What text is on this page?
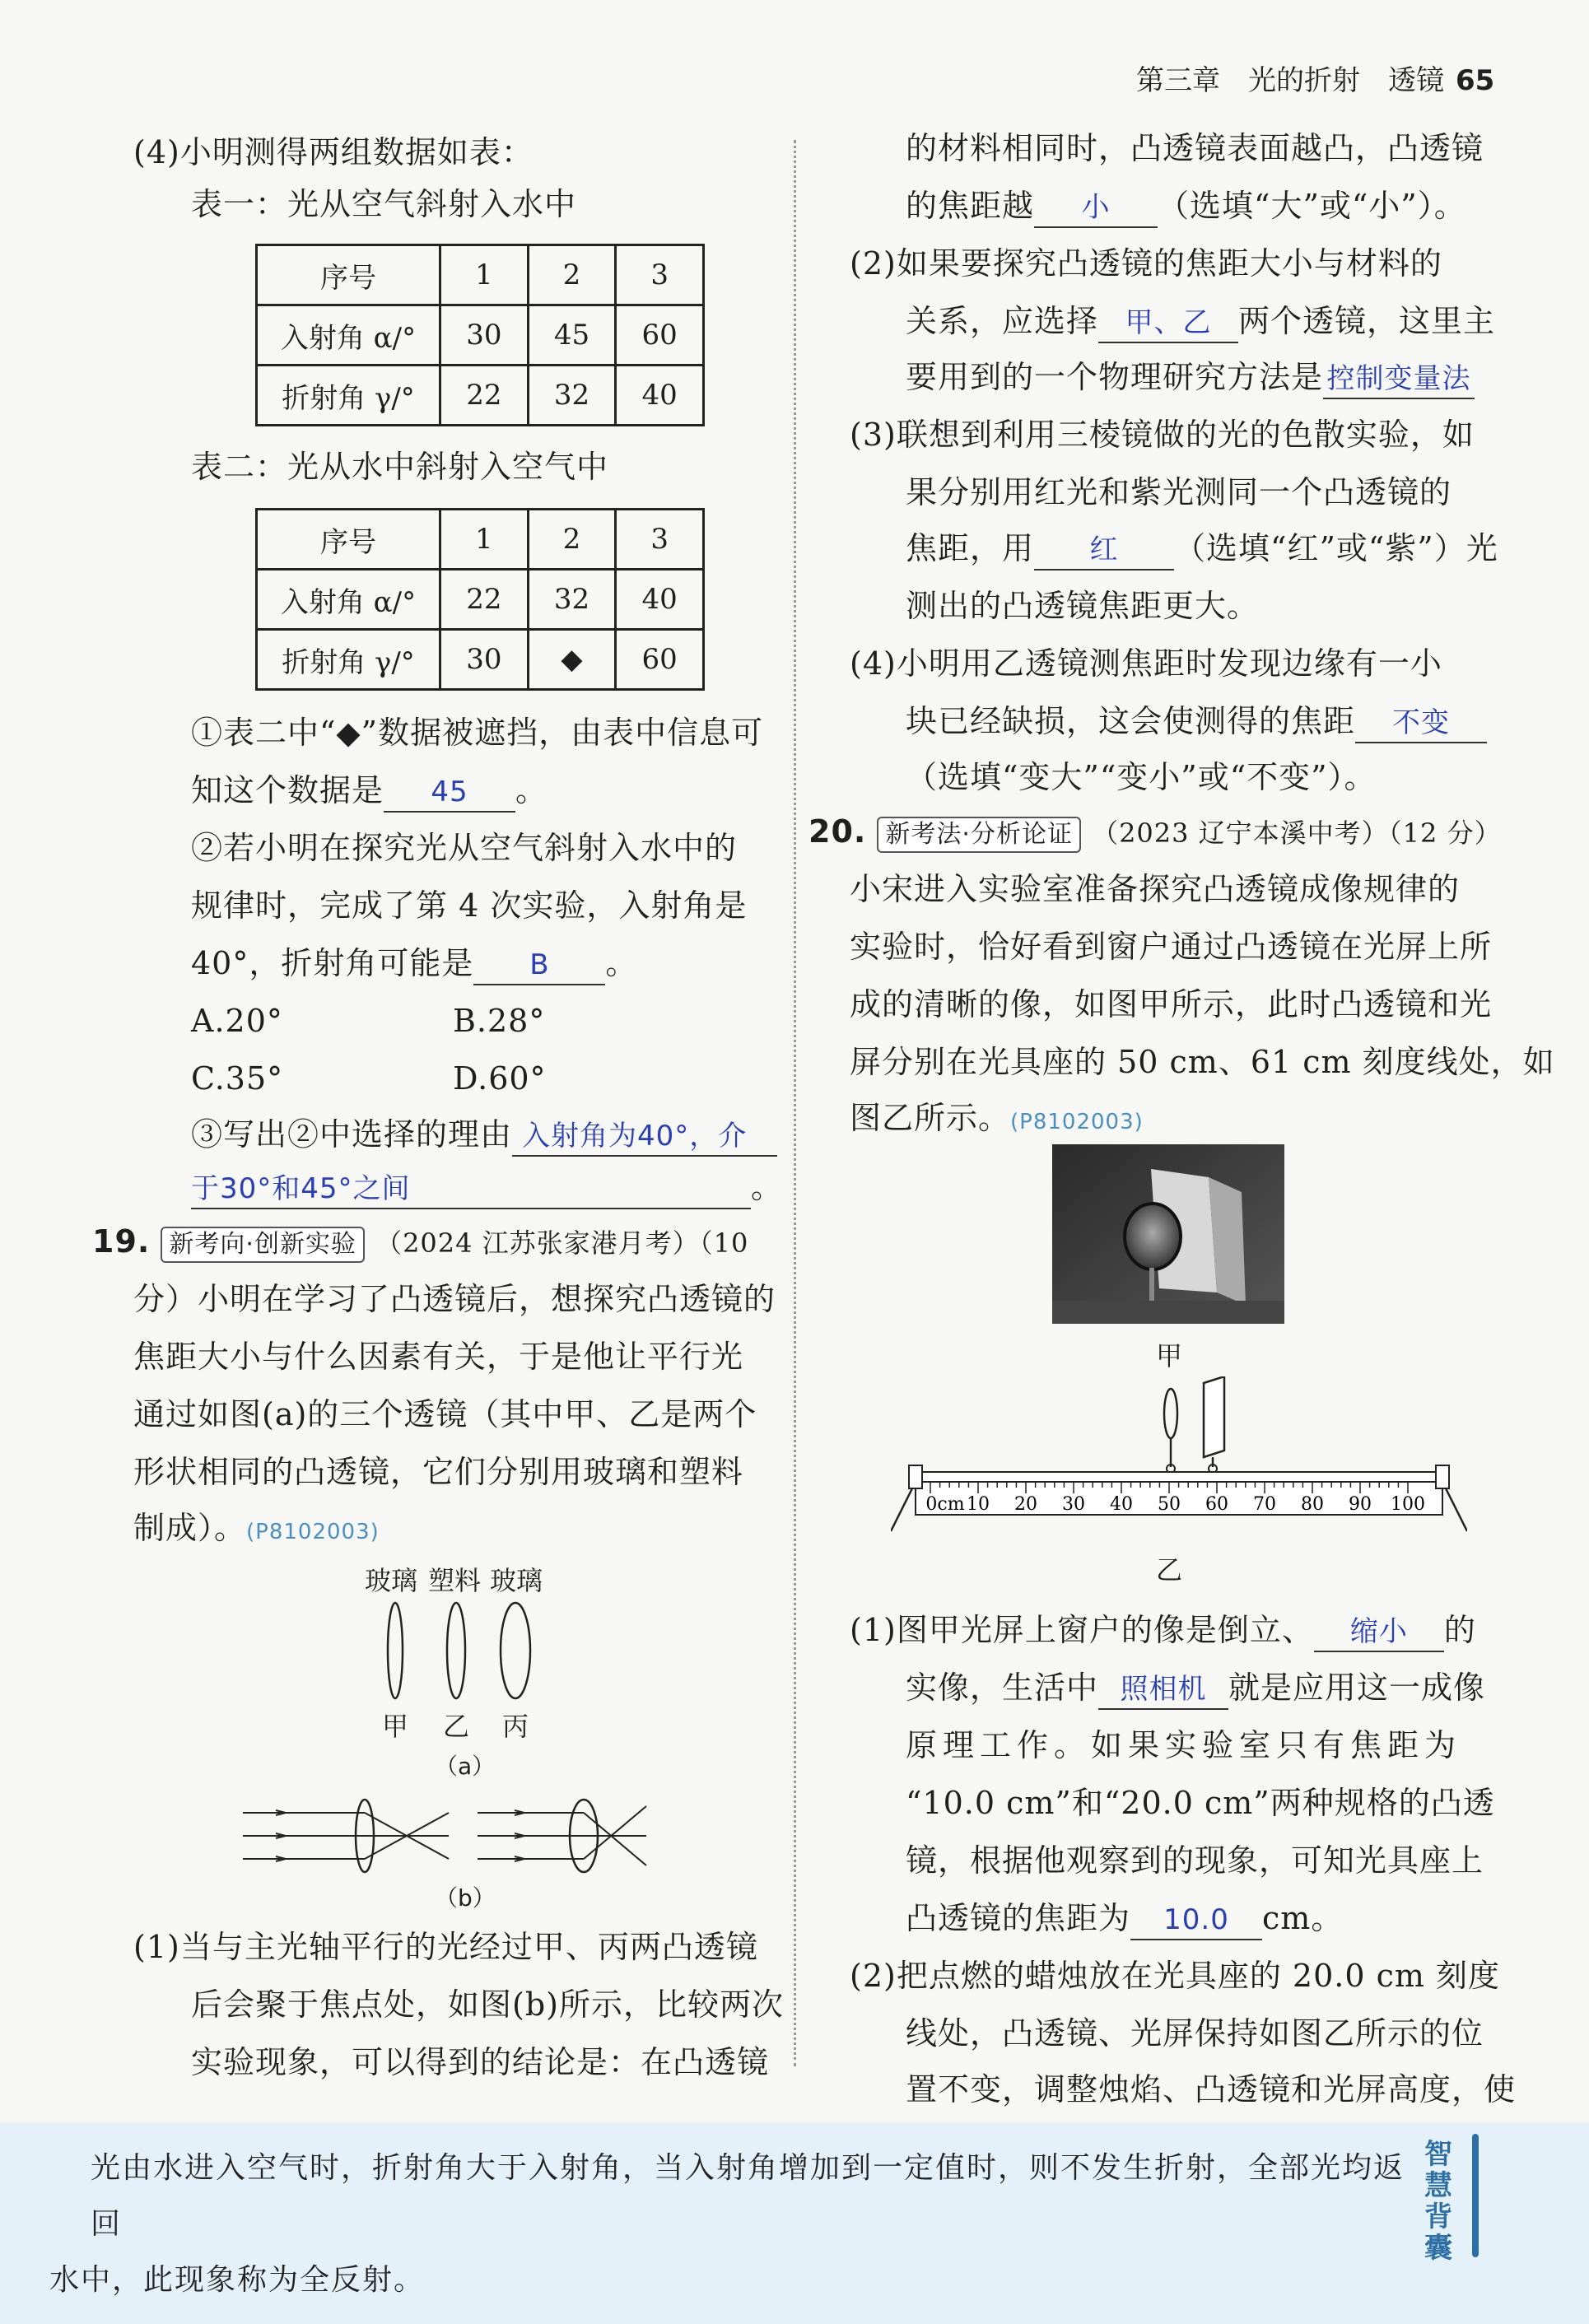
第三章　光的折射　透镜 65
(4)小明测得两组数据如表：
表一：光从空气斜射入水中
序号	1	2	3
入射角 α/°	30	45	60
折射角 γ/°	22	32	40
表二：光从水中斜射入空气中
序号	1	2	3
入射角 α/°	22	32	40
折射角 γ/°	30	◆	60
①表二中“◆”数据被遮挡，由表中信息可
知这个数据是 45 。
②若小明在探究光从空气斜射入水中的
规律时，完成了第 4 次实验，入射角是
40°，折射角可能是 B 。
A.20°	B.28°
C.35°	D.60°
③写出②中选择的理由 入射角为40°，介
于30°和45°之间	。
19. 新考向·创新实验 （2024 江苏张家港月考）（10
分）小明在学习了凸透镜后，想探究凸透镜的
焦距大小与什么因素有关，于是他让平行光
通过如图(a)的三个透镜（其中甲、乙是两个
形状相同的凸透镜，它们分别用玻璃和塑料
制成）。(P8102003)
玻璃 塑料 玻璃
甲 乙 丙
（a）
（b）
(1)当与主光轴平行的光经过甲、丙两凸透镜
后会聚于焦点处，如图(b)所示，比较两次
实验现象，可以得到的结论是：在凸透镜
的材料相同时，凸透镜表面越凸，凸透镜
的焦距越 小 （选填“大”或“小”）。
(2)如果要探究凸透镜的焦距大小与材料的
关系，应选择 甲、乙 两个透镜，这里主
要用到的一个物理研究方法是 控制变量法
(3)联想到利用三棱镜做的光的色散实验，如
果分别用红光和紫光测同一个凸透镜的
焦距，用 红 （选填“红”或“紫”）光
测出的凸透镜焦距更大。
(4)小明用乙透镜测焦距时发现边缘有一小
块已经缺损，这会使测得的焦距 不变
（选填“变大”“变小”或“不变”）。
20. 新考法·分析论证 （2023 辽宁本溪中考）（12 分）
小宋进入实验室准备探究凸透镜成像规律的
实验时，恰好看到窗户通过凸透镜在光屏上所
成的清晰的像，如图甲所示，此时凸透镜和光
屏分别在光具座的 50 cm、61 cm 刻度线处，如
图乙所示。(P8102003)
甲
0cm 10 20 30 40 50 60 70 80 90 100
乙
(1)图甲光屏上窗户的像是倒立、 缩小 的
实像，生活中 照相机 就是应用这一成像
原理工作。如果实验室只有焦距为
“10.0 cm”和“20.0 cm”两种规格的凸透
镜，根据他观察到的现象，可知光具座上
凸透镜的焦距为 10.0 cm。
(2)把点燃的蜡烛放在光具座的 20.0 cm 刻度
线处，凸透镜、光屏保持如图乙所示的位
置不变，调整烛焰、凸透镜和光屏高度，使
光由水进入空气时，折射角大于入射角，当入射角增加到一定值时，则不发生折射，全部光均返回
水中，此现象称为全反射。
智慧背囊
